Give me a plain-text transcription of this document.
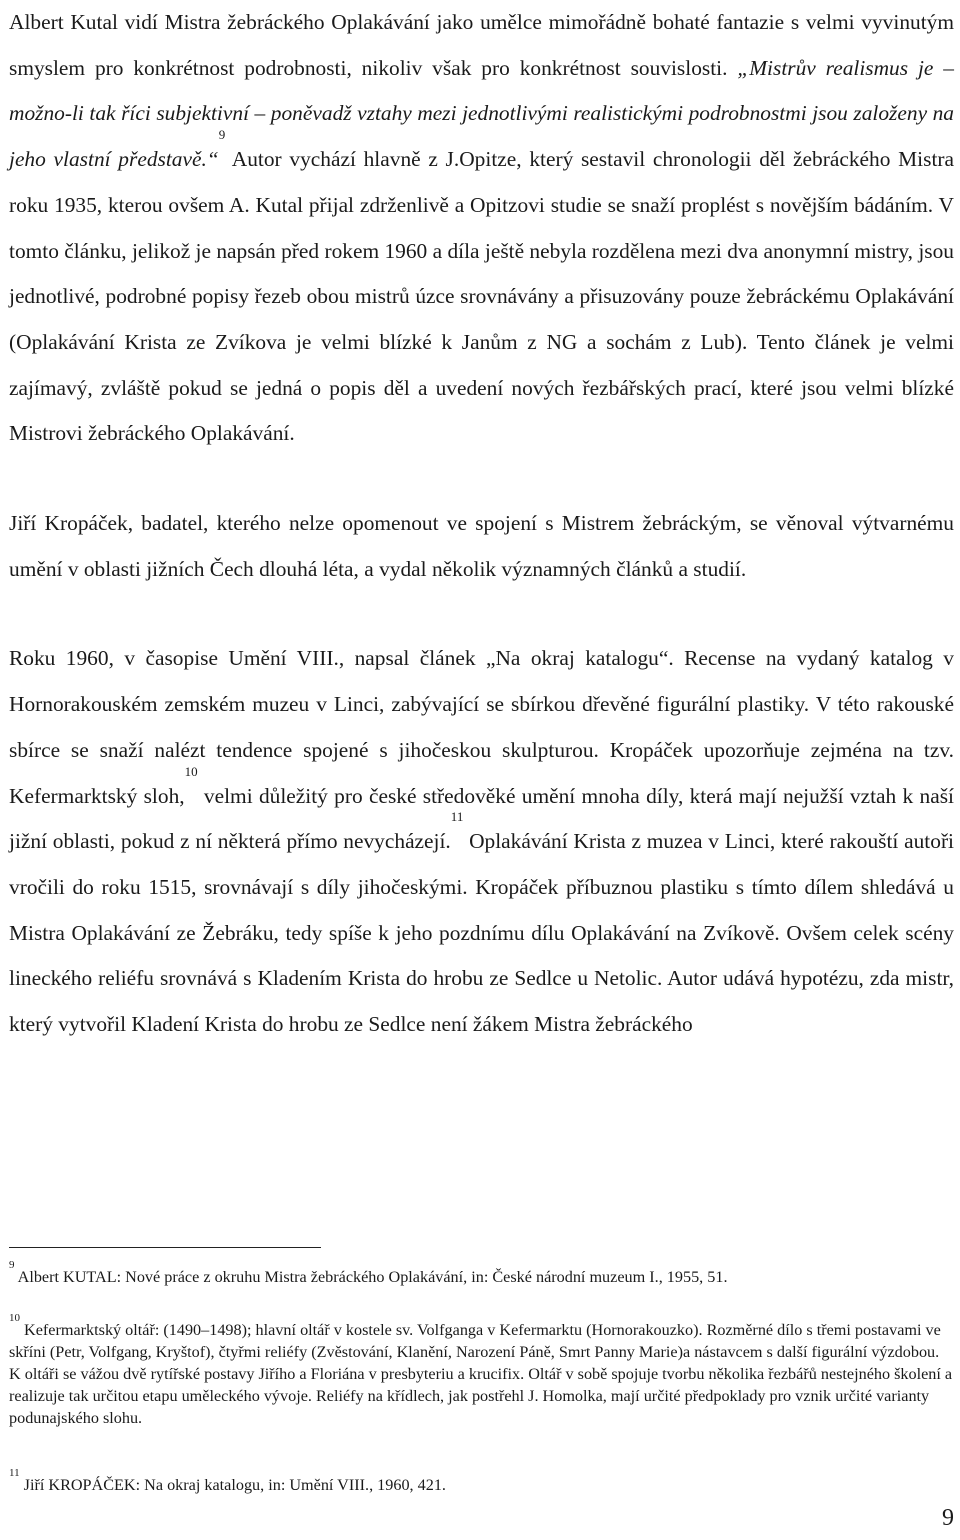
Albert Kutal vidí Mistra žebráckého Oplakávání jako umělce mimořádně bohaté fantazie s velmi vyvinutým smyslem pro konkrétnost podrobnosti, nikoliv však pro konkrétnost souvislosti. „Mistrův realismus je – možno-li tak říci subjektivní – poněvadž vztahy mezi jednotlivými realistickými podrobnostmi jsou založeny na jeho vlastní představě.“$^9$ Autor vychází hlavně z J.Opitze, který sestavil chronologii děl žebráckého Mistra roku 1935, kterou ovšem A. Kutal přijal zdrženlivě a Opitzovi studie se snaží proplést s novějším bádáním. V tomto článku, jelikož je napsán před rokem 1960 a díla ještě nebyla rozdělena mezi dva anonymní mistry, jsou jednotlivé, podrobné popisy řezeb obou mistrů úzce srovnávány a přisuzovány pouze žebráckému Oplakávání (Oplakávání Krista ze Zvíkova je velmi blízké k Janům z NG a sochám z Lub). Tento článek je velmi zajímavý, zvláště pokud se jedná o popis děl a uvedení nových řezbářských prací, které jsou velmi blízké Mistrovi žebráckého Oplakávání.

Jiří Kropáček, badatel, kterého nelze opomenout ve spojení s Mistrem žebráckým, se věnoval výtvarnému umění v oblasti jižních Čech dlouhá léta, a vydal několik významných článků a studií.

Roku 1960, v časopise Umění VIII., napsal článek „Na okraj katalogu“. Recense na vydaný katalog v Hornorakouském zemském muzeu v Linci, zabývající se sbírkou dřevěné figurální plastiky. V této rakouské sbírce se snaží nalézt tendence spojené s jihočeskou skulpturou. Kropáček upozorňuje zejména na tzv. Kefermarktský sloh,$^{10}$ velmi důležitý pro české středověké umění mnoha díly, která mají nejužší vztah k naší jižní oblasti, pokud z ní některá přímo nevycházejí.$^{11}$ Oplakávání Krista z muzea v Linci, které rakouští autoři vročili do roku 1515, srovnávají s díly jihočeskými. Kropáček příbuznou plastiku s tímto dílem shledává u Mistra Oplakávání ze Žebráku, tedy spíše k jeho pozdnímu dílu Oplakávání na Zvíkově. Ovšem celek scény lineckého reliéfu srovnává s Kladením Krista do hrobu ze Sedlce u Netolic. Autor udává hypotézu, zda mistr, který vytvořil Kladení Krista do hrobu ze Sedlce není žákem Mistra žebráckého

$^9$ Albert KUTAL: Nové práce z okruhu Mistra žebráckého Oplakávání, in: České národní muzeum I., 1955, 51.

$^{10}$ Kefermarktský oltář: (1490–1498); hlavní oltář v kostele sv. Volfganga v Kefermarktu (Hornorakouzko). Rozměrné dílo s třemi postavami ve skříni (Petr, Volfgang, Kryštof), čtyřmi reliéfy (Zvěstování, Klanění, Narození Páně, Smrt Panny Marie)a nástavcem s další figurální výzdobou. K oltáři se vážou dvě rytířské postavy Jiřího a Floriána v presbyteriu a krucifix. Oltář v sobě spojuje tvorbu několika řezbářů nestejného školení a realizuje tak určitou etapu uměleckého vývoje. Reliéfy na křídlech, jak postřehl J. Homolka, mají určité předpoklady pro vznik určité varianty podunajského slohu.

$^{11}$ Jiří KROPÁČEK: Na okraj katalogu, in: Umění VIII., 1960, 421.

9
